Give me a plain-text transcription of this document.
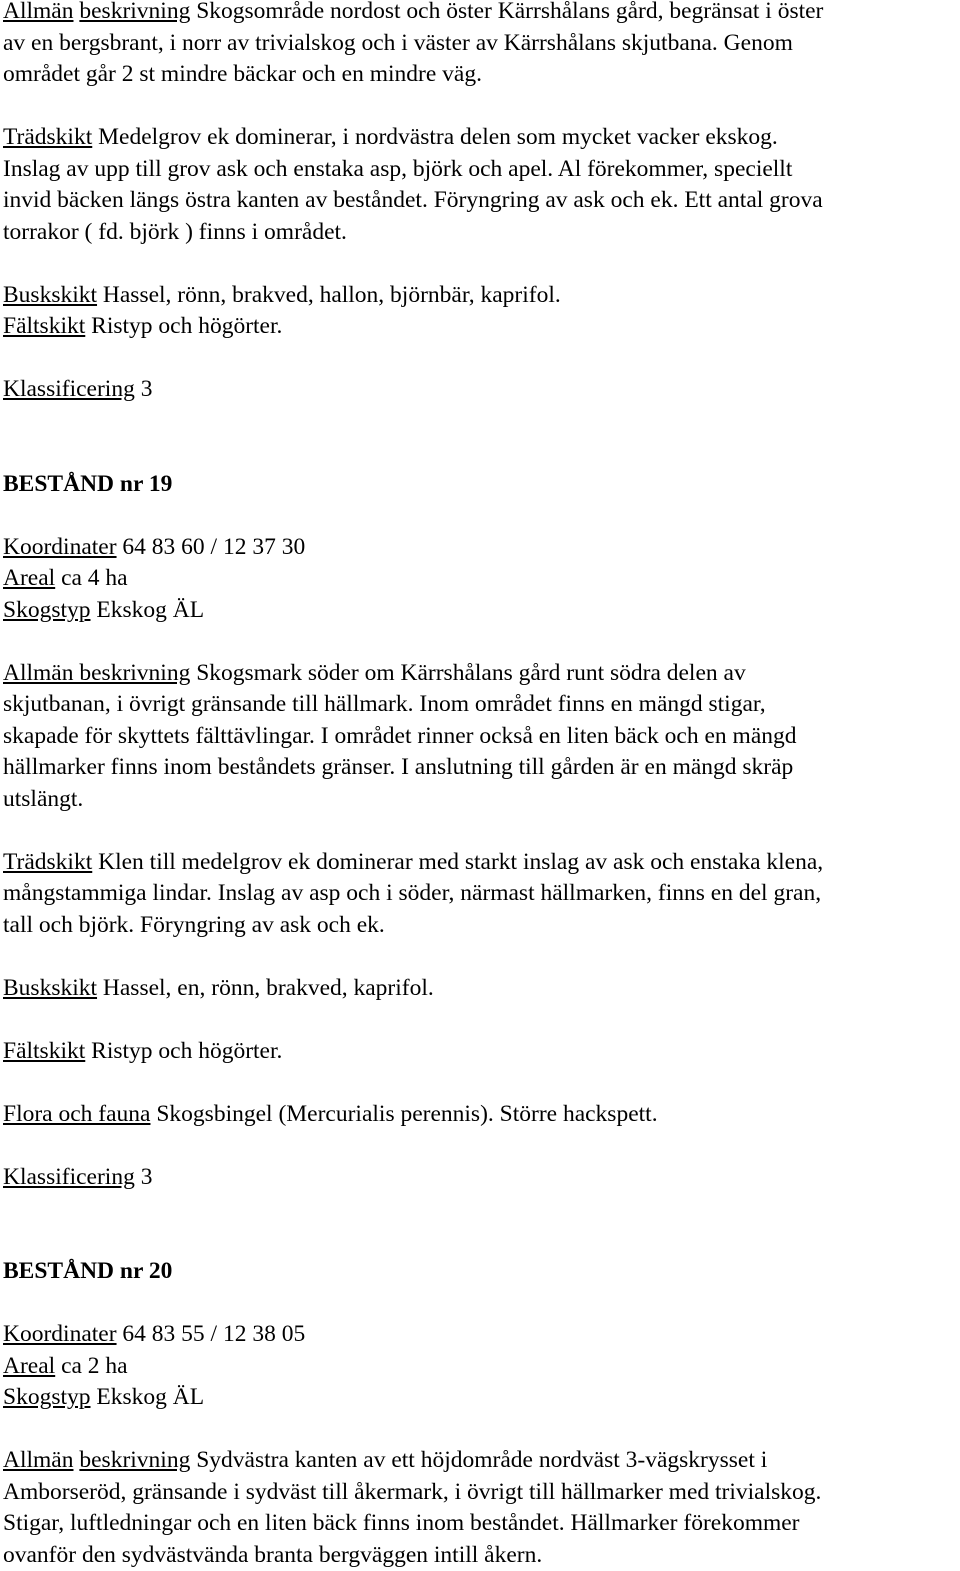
Allmän beskrivning Skogsområde nordost och öster Kärrshålans gård, begränsat i öster
av en bergsbrant, i norr av trivialskog och i väster av Kärrshålans skjutbana. Genom
området går 2 st mindre bäckar och en mindre väg.
Trädskikt Medelgrov ek dominerar, i nordvästra delen som mycket vacker ekskog.
Inslag av upp till grov ask och enstaka asp, björk och apel. Al förekommer, speciellt
invid bäcken längs östra kanten av beståndet. Föryngring av ask och ek. Ett antal grova
torrakor ( fd. björk ) finns i området.
Buskskikt Hassel, rönn, brakved, hallon, björnbär, kaprifol.
Fältskikt Ristyp och högörter.
Klassificering 3
BESTÅND nr 19
Koordinater 64 83 60 / 12 37 30
Areal ca 4 ha
Skogstyp Ekskog ÄL
Allmän beskrivning Skogsmark söder om Kärrshålans gård runt södra delen av
skjutbanan, i övrigt gränsande till hällmark. Inom området finns en mängd stigar,
skapade för skyttets fälttävlingar. I området rinner också en liten bäck och en mängd
hällmarker finns inom beståndets gränser. I anslutning till gården är en mängd skräp
utslängt.
Trädskikt Klen till medelgrov ek dominerar med starkt inslag av ask och enstaka klena,
mångstammiga lindar. Inslag av asp och i söder, närmast hällmarken, finns en del gran,
tall och björk. Föryngring av ask och ek.
Buskskikt Hassel, en, rönn, brakved, kaprifol.
Fältskikt Ristyp och högörter.
Flora och fauna Skogsbingel (Mercurialis perennis). Större hackspett.
Klassificering 3
BESTÅND nr 20
Koordinater 64 83 55 / 12 38 05
Areal ca 2 ha
Skogstyp Ekskog ÄL
Allmän beskrivning Sydvästra kanten av ett höjdområde nordväst 3-vägskrysset i
Amborseröd, gränsande i sydväst till åkermark, i övrigt till hällmarker med trivialskog.
Stigar, luftledningar och en liten bäck finns inom beståndet. Hällmarker förekommer
ovanför den sydvästvända branta bergväggen intill åkern.
